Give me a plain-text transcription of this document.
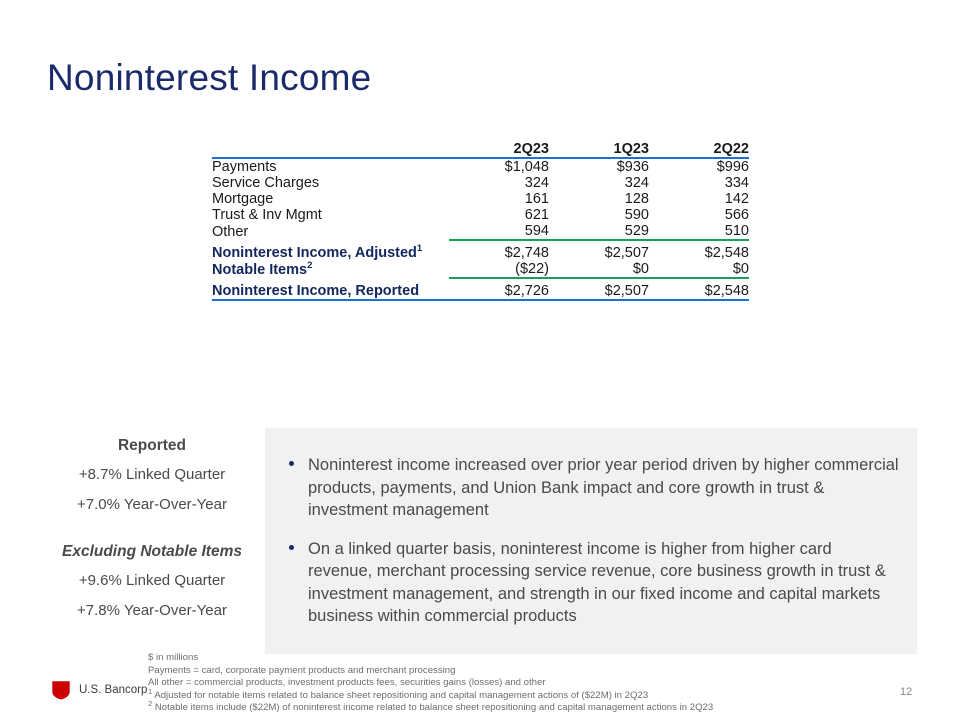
Noninterest Income
	2Q23	1Q23	2Q22
Payments	$1,048	$936	$996
Service Charges	324	324	334
Mortgage	161	128	142
Trust & Inv Mgmt	621	590	566
Other	594	529	510

Noninterest Income, Adjusted$^1$	$2,748	$2,507	$2,548
Notable Items$^2$	($22)	$0	$0

Noninterest Income, Reported	$2,726	$2,507	$2,548
Reported
+8.7% Linked Quarter
+7.0% Year-Over-Year
Excluding Notable Items
+9.6% Linked Quarter
+7.8% Year-Over-Year
Noninterest income increased over prior year period driven by higher commercial products, payments, and Union Bank impact and core growth in trust & investment management
On a linked quarter basis, noninterest income is higher from higher card revenue, merchant processing service revenue, core business growth in trust & investment management, and strength in our fixed income and capital markets business within commercial products
$ in millions
Payments = card, corporate payment products and merchant processing
All other = commercial products, investment products fees, securities gains (losses) and other
$^1$ Adjusted for notable items related to balance sheet repositioning and capital management actions of ($22M) in 2Q23
$^2$ Notable items include ($22M) of noninterest income related to balance sheet repositioning and capital management actions in 2Q23
U.S. Bancorp	12
